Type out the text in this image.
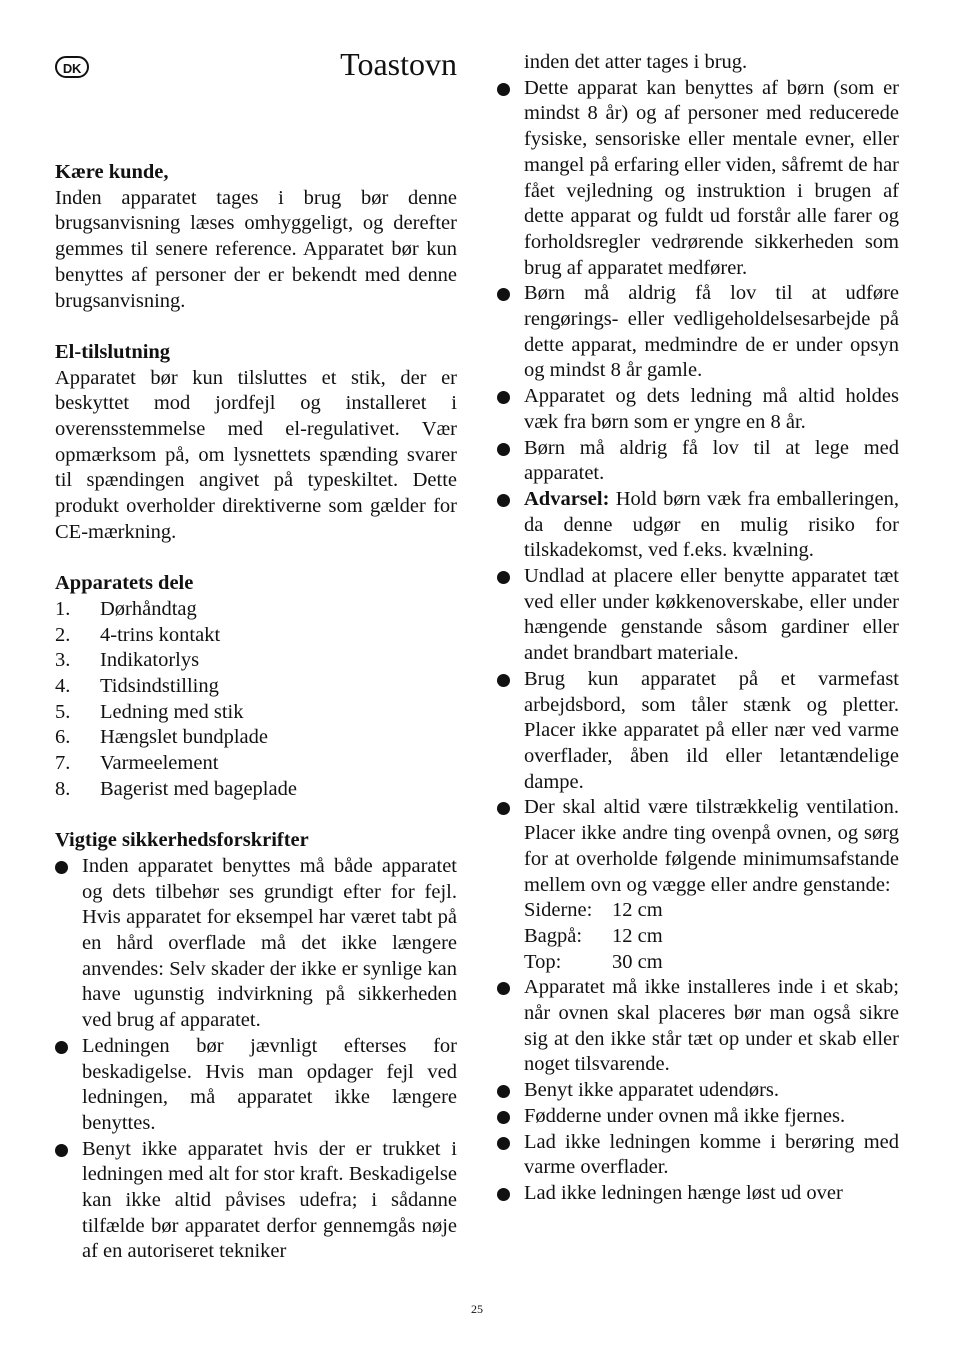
DK	Toastovn

Kære kunde,

Inden apparatet tages i brug bør denne brugsanvisning læses omhyggeligt, og derefter gemmes til senere reference. Apparatet bør kun benyttes af personer der er bekendt med denne brugsanvisning.

El-tilslutning

Apparatet bør kun tilsluttes et stik, der er beskyttet mod jordfejl og installeret i overensstemmelse med el-regulativet. Vær opmærksom på, om lysnettets spænding svarer til spændingen angivet på typeskiltet. Dette produkt overholder direktiverne som gælder for CE-mærkning.

Apparatets dele

1.	Dørhåndtag
2.	4-trins kontakt
3.	Indikatorlys
4.	Tidsindstilling
5.	Ledning med stik
6.	Hængslet bundplade
7.	Varmeelement
8.	Bagerist med bageplade

Vigtige sikkerhedsforskrifter

Inden apparatet benyttes må både apparatet og dets tilbehør ses grundigt efter for fejl. Hvis apparatet for eksempel har været tabt på en hård overflade må det ikke længere anvendes: Selv skader der ikke er synlige kan have ugunstig indvirkning på sikkerheden ved brug af apparatet.
Ledningen bør jævnligt efterses for beskadigelse. Hvis man opdager fejl ved ledningen, må apparatet ikke længere benyttes.
Benyt ikke apparatet hvis der er trukket i ledningen med alt for stor kraft. Beskadigelse kan ikke altid påvises udefra; i sådanne tilfælde bør apparatet derfor gennemgås nøje af en autoriseret tekniker

inden det atter tages i brug.

Dette apparat kan benyttes af børn (som er mindst 8 år) og af personer med reducerede fysiske, sensoriske eller mentale evner, eller mangel på erfaring eller viden, såfremt de har fået vejledning og instruktion i brugen af dette apparat og fuldt ud forstår alle farer og forholdsregler vedrørende sikkerheden som brug af apparatet medfører.
Børn må aldrig få lov til at udføre rengørings- eller vedligeholdelsesarbejde på dette apparat, medmindre de er under opsyn og mindst 8 år gamle.
Apparatet og dets ledning må altid holdes væk fra børn som er yngre en 8 år.
Børn må aldrig få lov til at lege med apparatet.
Advarsel: Hold børn væk fra emballeringen, da denne udgør en mulig risiko for tilskadekomst, ved f.eks. kvælning.
Undlad at placere eller benytte apparatet tæt ved eller under køkkenoverskabe, eller under hængende genstande såsom gardiner eller andet brandbart materiale.
Brug kun apparatet på et varmefast arbejdsbord, som tåler stænk og pletter. Placer ikke apparatet på eller nær ved varme overflader, åben ild eller letantændelige dampe.
Der skal altid være tilstrækkelig ventilation. Placer ikke andre ting ovenpå ovnen, og sørg for at overholde følgende minimumsafstande mellem ovn og vægge eller andre genstande:
Siderne: 12 cm
Bagpå:	12 cm
Top:	30 cm
Apparatet må ikke installeres inde i et skab; når ovnen skal placeres bør man også sikre sig at den ikke står tæt op under et skab eller noget tilsvarende.
Benyt ikke apparatet udendørs.
Fødderne under ovnen må ikke fjernes.
Lad ikke ledningen komme i berøring med varme overflader.
Lad ikke ledningen hænge løst ud over
25
